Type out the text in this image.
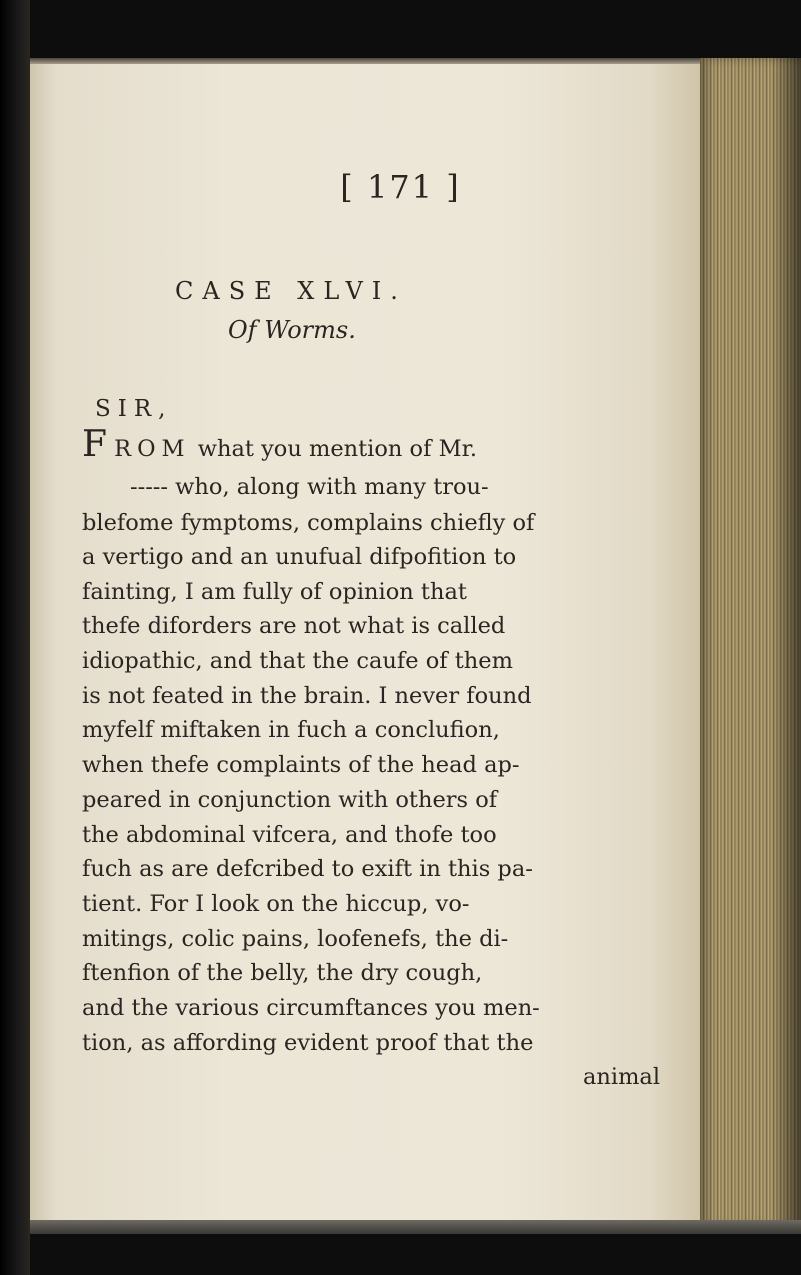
[ 171 ]
CASE XLVI.
Of Worms.
SIR,
F ROM what you mention of Mr.
----- who, along with many trou-
blefome fymptoms, complains chiefly of
a vertigo and an unufual difpofition to
fainting, I am fully of opinion that
thefe diforders are not what is called
idiopathic, and that the caufe of them
is not feated in the brain. I never found
myfelf miftaken in fuch a conclufion,
when thefe complaints of the head ap-
peared in conjunction with others of
the abdominal vifcera, and thofe too
fuch as are defcribed to exift in this pa-
tient. For I look on the hiccup, vo-
mitings, colic pains, loofenefs, the di-
ftenfion of the belly, the dry cough,
and the various circumftances you men-
tion, as affording evident proof that the
animal
